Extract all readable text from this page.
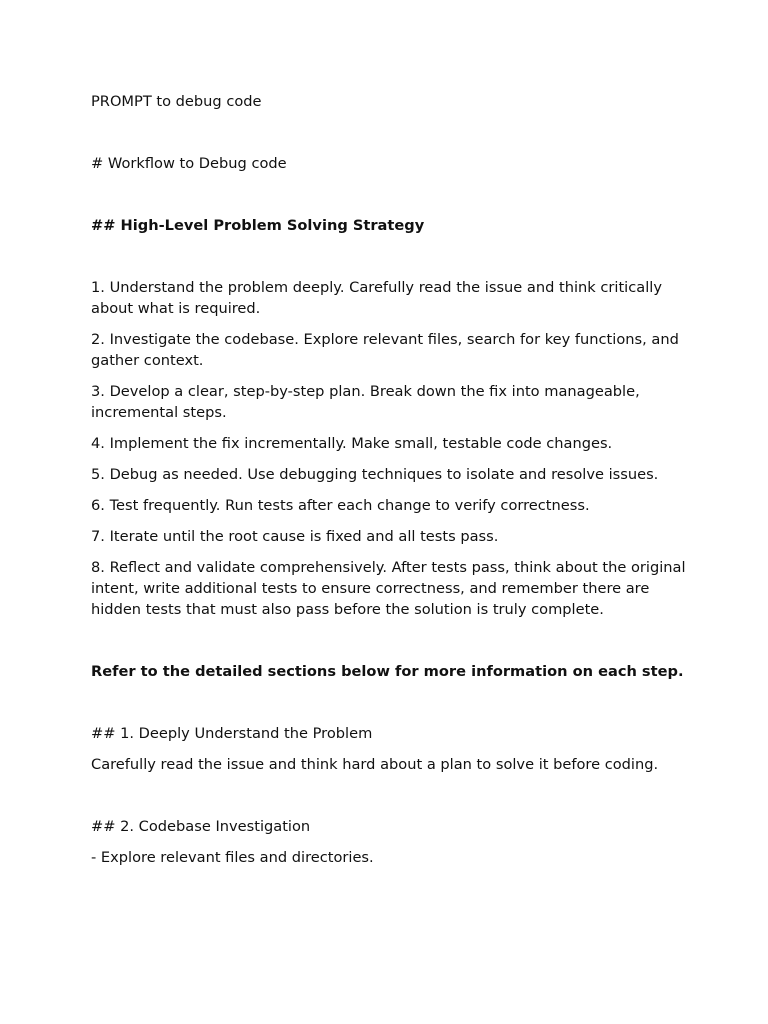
PROMPT to debug code

# Workflow to Debug code

## High-Level Problem Solving Strategy

1. Understand the problem deeply. Carefully read the issue and think critically about what is required.
2. Investigate the codebase. Explore relevant files, search for key functions, and gather context.
3. Develop a clear, step-by-step plan. Break down the fix into manageable, incremental steps.
4. Implement the fix incrementally. Make small, testable code changes.
5. Debug as needed. Use debugging techniques to isolate and resolve issues.
6. Test frequently. Run tests after each change to verify correctness.
7. Iterate until the root cause is fixed and all tests pass.
8. Reflect and validate comprehensively. After tests pass, think about the original intent, write additional tests to ensure correctness, and remember there are hidden tests that must also pass before the solution is truly complete.

Refer to the detailed sections below for more information on each step.

## 1. Deeply Understand the Problem

Carefully read the issue and think hard about a plan to solve it before coding.

## 2. Codebase Investigation

- Explore relevant files and directories.
